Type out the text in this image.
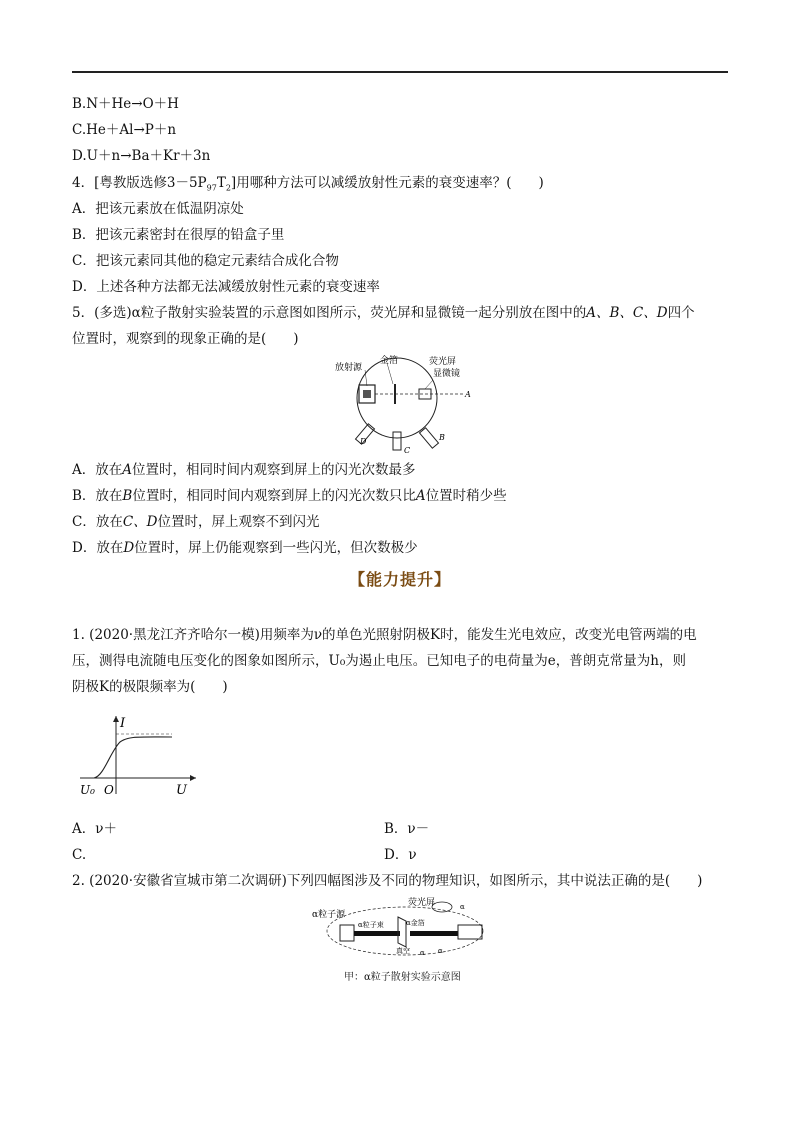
B.N＋He→O＋H
C.He＋Al→P＋n
D.U＋n→Ba＋Kr＋3n
4．[粤教版选修$3-5P_{97}T_2$]用哪种方法可以减缓放射性元素的衰变速率？(　　)
A．把该元素放在低温阴凉处
B．把该元素密封在很厚的铅盒子里
C．把该元素同其他的稳定元素结合成化合物
D．上述各种方法都无法减缓放射性元素的衰变速率
5．(多选)α粒子散射实验装置的示意图如图所示，荧光屏和显微镜一起分别放在图中的A、B、C、D四个
位置时，观察到的现象正确的是(　　)
放射源
金箔	荧光屏
显微镜
A
B
C
D
A．放在A位置时，相同时间内观察到屏上的闪光次数最多
B．放在B位置时，相同时间内观察到屏上的闪光次数只比A位置时稍少些
C．放在C、D位置时，屏上观察不到闪光
D．放在D位置时，屏上仍能观察到一些闪光，但次数极少
【能力提升】
1. (2020·黑龙江齐齐哈尔一模)用频率为ν的单色光照射阴极K时，能发生光电效应，改变光电管两端的电
压，测得电流随电压变化的图象如图所示，U₀为遏止电压。已知电子的电荷量为e，普朗克常量为h，则
阴极K的极限频率为(　　)
I
U₀ O	U
A．ν＋	B．ν－
C.	D．ν
2. (2020·安徽省宣城市第二次调研)下列四幅图涉及不同的物理知识，如图所示，其中说法正确的是(　　)
荧光屏
α粒子源
α粒子束	α金箔
真空 α α
α
甲：α粒子散射实验示意图
